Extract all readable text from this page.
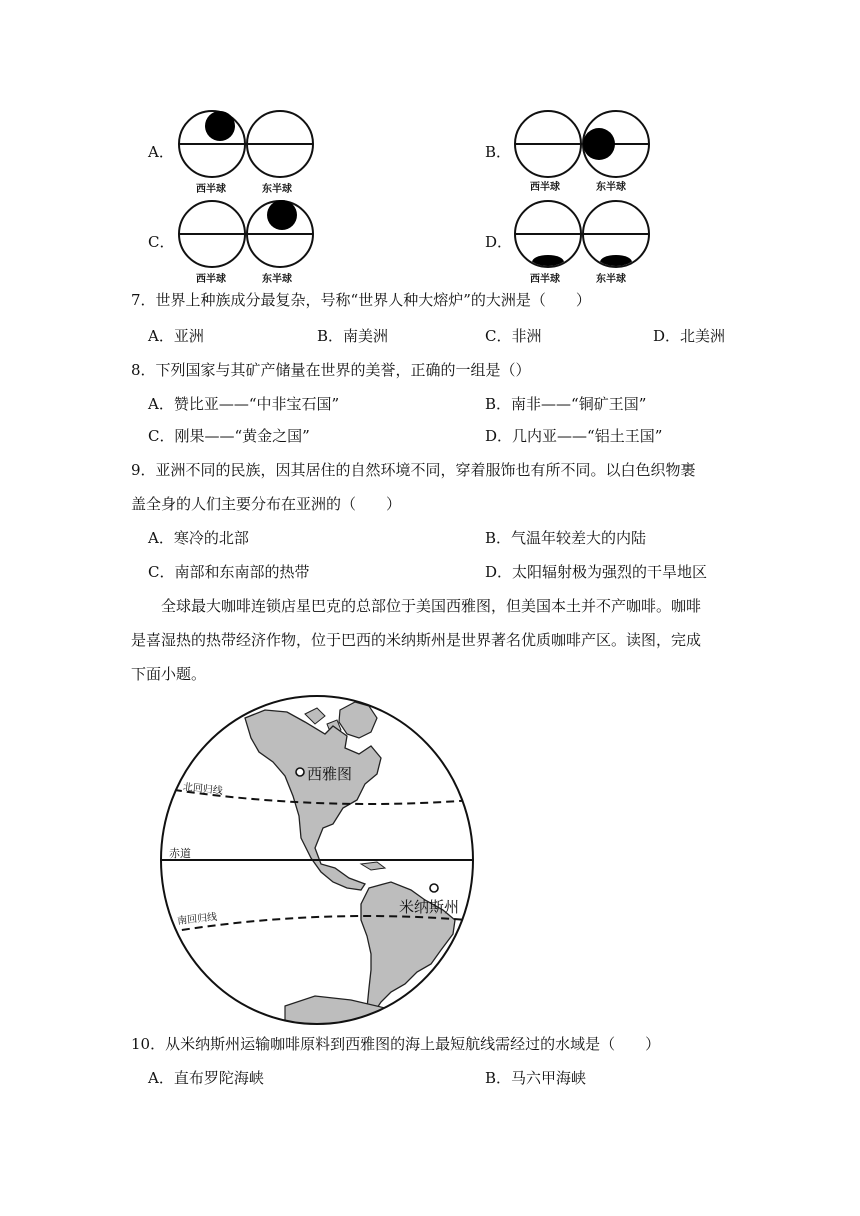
A．
西半球	东半球
B．
西半球	东半球
C．
西半球	东半球
D．
西半球	东半球
7．世界上种族成分最复杂，号称“世界人种大熔炉”的大洲是（　　）
A．亚洲	B．南美洲	C．非洲	D．北美洲
8．下列国家与其矿产储量在世界的美誉，正确的一组是（）
A．赞比亚——“中非宝石国”	B．南非——“铜矿王国”
C．刚果——“黄金之国”	D．几内亚——“铝土王国”
9．亚洲不同的民族，因其居住的自然环境不同，穿着服饰也有所不同。以白色织物裹
盖全身的人们主要分布在亚洲的（　　）
A．寒冷的北部	B．气温年较差大的内陆
C．南部和东南部的热带	D．太阳辐射极为强烈的干旱地区
全球最大咖啡连锁店星巴克的总部位于美国西雅图，但美国本土并不产咖啡。咖啡
是喜湿热的热带经济作物，位于巴西的米纳斯州是世界著名优质咖啡产区。读图，完成
下面小题。
西雅图
北回归线
赤道
南回归线
米纳斯州
10．从米纳斯州运输咖啡原料到西雅图的海上最短航线需经过的水域是（　　）
A．直布罗陀海峡	B．马六甲海峡
